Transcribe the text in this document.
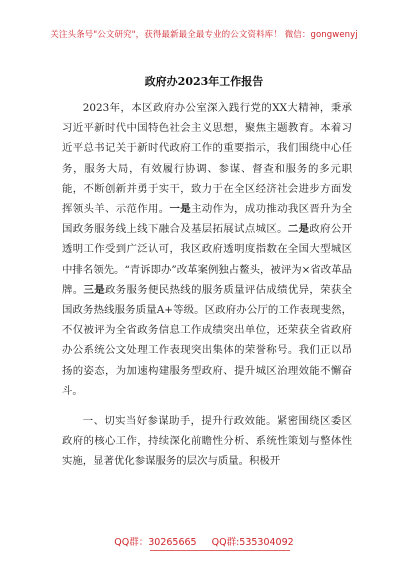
关注头条号"公文研究"，获得最新最全最专业的公文资料库！ 微信：gongwenyj
政府办2023年工作报告

2023年，本区政府办公室深入践行党的XX大精神，秉承习近平新时代中国特色社会主义思想，聚焦主题教育。本着习近平总书记关于新时代政府工作的重要指示，我们围绕中心任务，服务大局，有效履行协调、参谋、督查和服务的多元职能，不断创新并勇于实干，致力于在全区经济社会进步方面发挥领头羊、示范作用。一是主动作为，成功推动我区晋升为全国政务服务线上线下融合及基层拓展试点城区。二是政府公开透明工作受到广泛认可，我区政府透明度指数在全国大型城区中排名领先。“青诉即办”改革案例独占鳌头，被评为×省改革品牌。三是政务服务便民热线的服务质量评估成绩优异，荣获全国政务热线服务质量A+等级。区政府办公厅的工作表现斐然，不仅被评为全省政务信息工作成绩突出单位，还荣获全省政府办公系统公文处理工作表现突出集体的荣誉称号。我们正以昂扬的姿态，为加速构建服务型政府、提升城区治理效能不懈奋斗。

一、切实当好参谋助手，提升行政效能。紧密围绕区委区政府的核心工作，持续深化前瞻性分析、系统性策划与整体性实施，显著优化参谋服务的层次与质量。积极开

QQ群：30265665 QQ群:535304092
